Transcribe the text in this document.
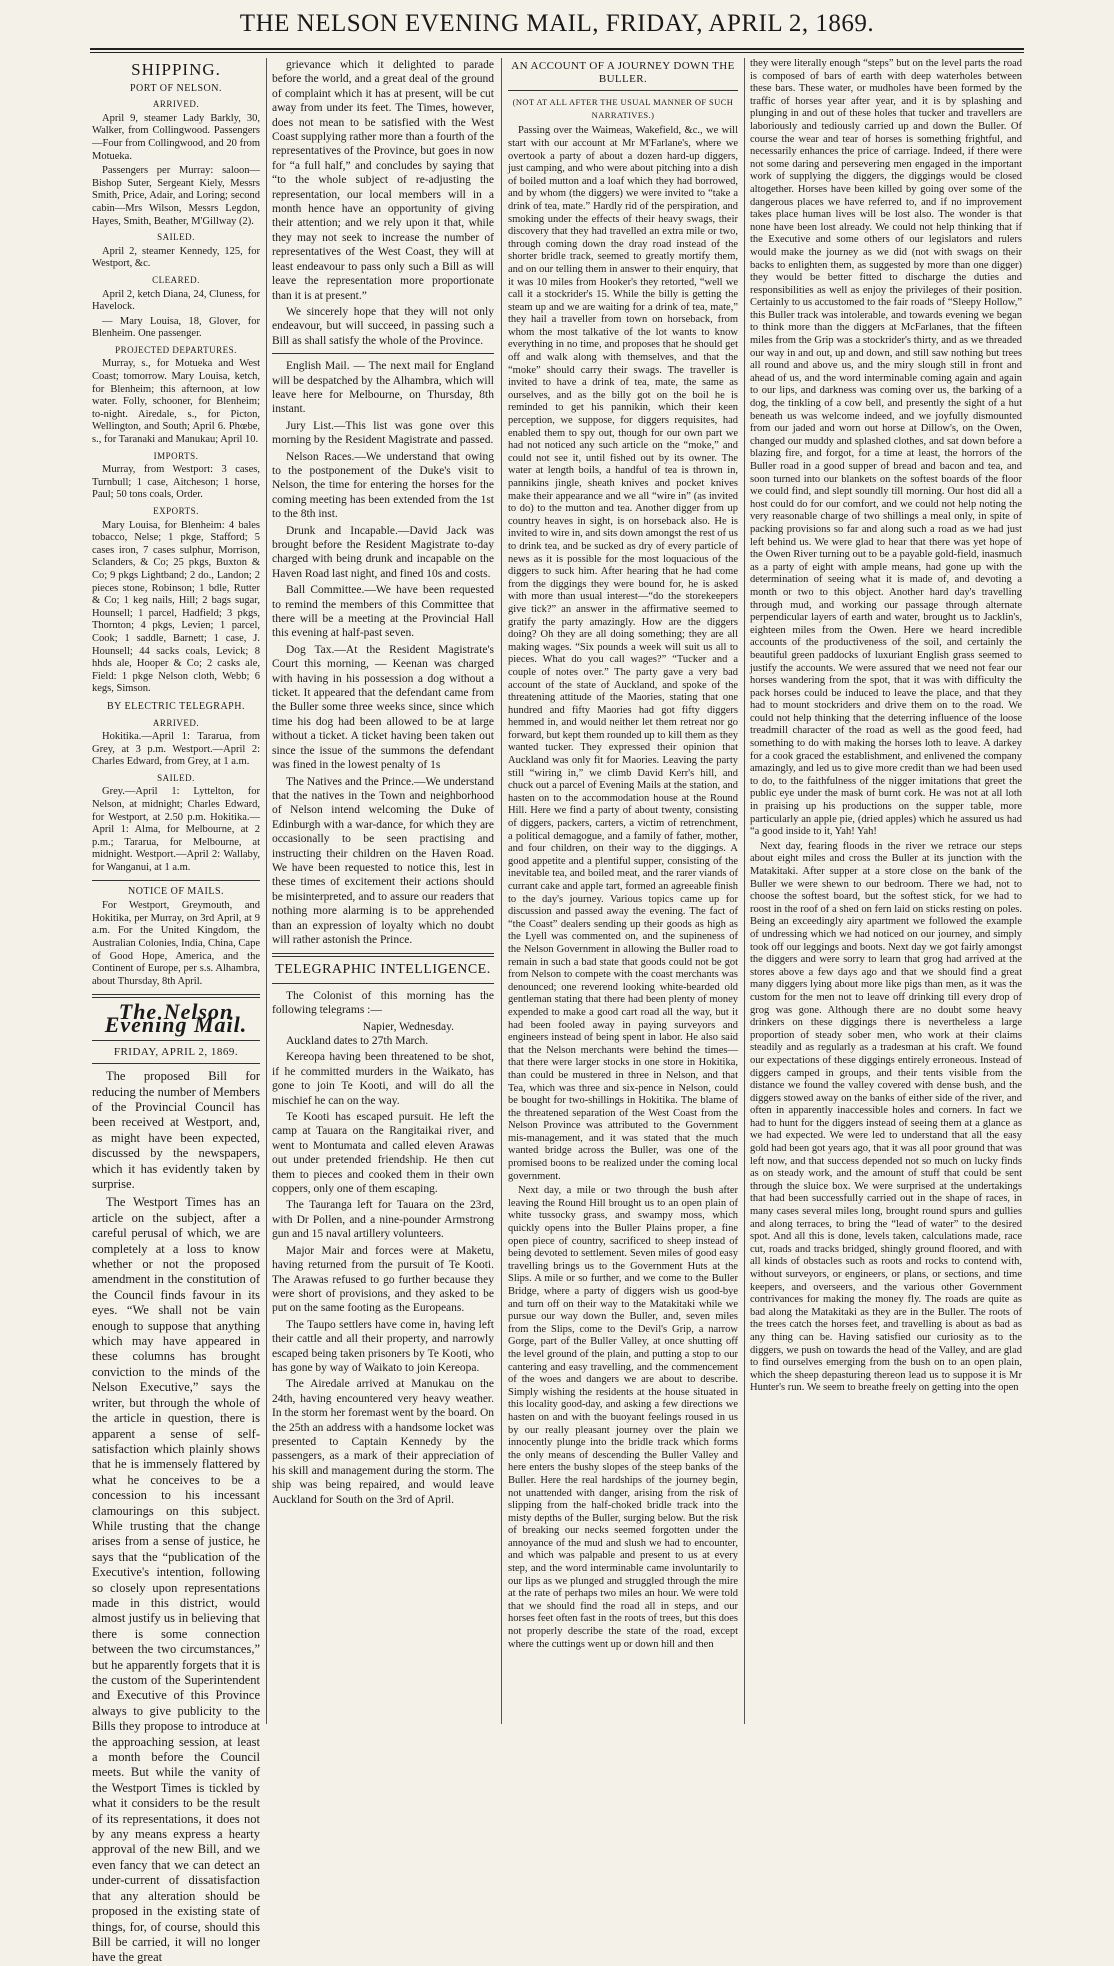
THE NELSON EVENING MAIL, FRIDAY, APRIL 2, 1869.
SHIPPING.
PORT OF NELSON.
ARRIVED.

April 9, steamer Lady Barkly, 30, Walker, from Collingwood. Passengers—Four from Collingwood, and 20 from Motueka.

Passengers per Murray: saloon—Bishop Suter, Sergeant Kiely, Messrs Smith, Price, Adair, and Loring; second cabin—Mrs Wilson, Messrs Legdon, Hayes, Smith, Beather, M'Gillway (2).

SAILED.

April 2, steamer Kennedy, 125, for Westport, &c.

CLEARED.

April 2, ketch Diana, 24, Cluness, for Havelock.

— Mary Louisa, 18, Glover, for Blenheim. One passenger.

PROJECTED DEPARTURES.

Murray, s., for Motueka and West Coast; tomorrow. Mary Louisa, ketch, for Blenheim; this afternoon, at low water. Folly, schooner, for Blenheim; to-night. Airedale, s., for Picton, Wellington, and South; April 6. Phœbe, s., for Taranaki and Manukau; April 10.

IMPORTS.

Murray, from Westport: 3 cases, Turnbull; 1 case, Aitcheson; 1 horse, Paul; 50 tons coals, Order.

EXPORTS.

Mary Louisa, for Blenheim: 4 bales tobacco, Nelse; 1 pkge, Stafford; 5 cases iron, 7 cases sulphur, Morrison, Sclanders, & Co; 25 pkgs, Buxton & Co; 9 pkgs Lightband; 2 do., Landon; 2 pieces stone, Robinson; 1 bdle, Rutter & Co; 1 keg nails, Hill; 2 bags sugar, Hounsell; 1 parcel, Hadfield; 3 pkgs, Thornton; 4 pkgs, Levien; 1 parcel, Cook; 1 saddle, Barnett; 1 case, J. Hounsell; 44 sacks coals, Levick; 8 hhds ale, Hooper & Co; 2 casks ale, Field: 1 pkge Nelson cloth, Webb; 6 kegs, Simson.

BY ELECTRIC TELEGRAPH.
ARRIVED.

Hokitika.—April 1: Tararua, from Grey, at 3 p.m. Westport.—April 2: Charles Edward, from Grey, at 1 a.m.

SAILED.

Grey.—April 1: Lyttelton, for Nelson, at midnight; Charles Edward, for Westport, at 2.50 p.m. Hokitika.—April 1: Alma, for Melbourne, at 2 p.m.; Tararua, for Melbourne, at midnight. Westport.—April 2: Wallaby, for Wanganui, at 1 a.m.

NOTICE OF MAILS.

For Westport, Greymouth, and Hokitika, per Murray, on 3rd April, at 9 a.m. For the United Kingdom, the Australian Colonies, India, China, Cape of Good Hope, America, and the Continent of Europe, per s.s. Alhambra, about Thursday, 8th April.

The Nelson Evening Mail.
FRIDAY, APRIL 2, 1869.

The proposed Bill for reducing the number of Members of the Provincial Council has been received at Westport, and, as might have been expected, discussed by the newspapers, which it has evidently taken by surprise.

The Westport Times has an article on the subject, after a careful perusal of which, we are completely at a loss to know whether or not the proposed amendment in the constitution of the Council finds favour in its eyes. “We shall not be vain enough to suppose that anything which may have appeared in these columns has brought conviction to the minds of the Nelson Executive,” says the writer, but through the whole of the article in question, there is apparent a sense of self-satisfaction which plainly shows that he is immensely flattered by what he conceives to be a concession to his incessant clamourings on this subject. While trusting that the change arises from a sense of justice, he says that the “publication of the Executive's intention, following so closely upon representations made in this district, would almost justify us in believing that there is some connection between the two circumstances,” but he apparently forgets that it is the custom of the Superintendent and Executive of this Province always to give publicity to the Bills they propose to introduce at the approaching session, at least a month before the Council meets. But while the vanity of the Westport Times is tickled by what it considers to be the result of its representations, it does not by any means express a hearty approval of the new Bill, and we even fancy that we can detect an under-current of dissatisfaction that any alteration should be proposed in the existing state of things, for, of course, should this Bill be carried, it will no longer have the great

grievance which it delighted to parade before the world, and a great deal of the ground of complaint which it has at present, will be cut away from under its feet. The Times, however, does not mean to be satisfied with the West Coast supplying rather more than a fourth of the representatives of the Province, but goes in now for “a full half,” and concludes by saying that “to the whole subject of re-adjusting the representation, our local members will in a month hence have an opportunity of giving their attention; and we rely upon it that, while they may not seek to increase the number of representatives of the West Coast, they will at least endeavour to pass only such a Bill as will leave the representation more proportionate than it is at present.”

We sincerely hope that they will not only endeavour, but will succeed, in passing such a Bill as shall satisfy the whole of the Province.

English Mail. — The next mail for England will be despatched by the Alhambra, which will leave here for Melbourne, on Thursday, 8th instant.

Jury List.—This list was gone over this morning by the Resident Magistrate and passed.

Nelson Races.—We understand that owing to the postponement of the Duke's visit to Nelson, the time for entering the horses for the coming meeting has been extended from the 1st to the 8th inst.

Drunk and Incapable.—David Jack was brought before the Resident Magistrate to-day charged with being drunk and incapable on the Haven Road last night, and fined 10s and costs.

Ball Committee.—We have been requested to remind the members of this Committee that there will be a meeting at the Provincial Hall this evening at half-past seven.

Dog Tax.—At the Resident Magistrate's Court this morning, — Keenan was charged with having in his possession a dog without a ticket. It appeared that the defendant came from the Buller some three weeks since, since which time his dog had been allowed to be at large without a ticket. A ticket having been taken out since the issue of the summons the defendant was fined in the lowest penalty of 1s

The Natives and the Prince.—We understand that the natives in the Town and neighborhood of Nelson intend welcoming the Duke of Edinburgh with a war-dance, for which they are occasionally to be seen practising and instructing their children on the Haven Road. We have been requested to notice this, lest in these times of excitement their actions should be misinterpreted, and to assure our readers that nothing more alarming is to be apprehended than an expression of loyalty which no doubt will rather astonish the Prince.

TELEGRAPHIC INTELLIGENCE.

The Colonist of this morning has the following telegrams :—

Napier, Wednesday.

Auckland dates to 27th March.

Kereopa having been threatened to be shot, if he committed murders in the Waikato, has gone to join Te Kooti, and will do all the mischief he can on the way.

Te Kooti has escaped pursuit. He left the camp at Tauara on the Rangitaikai river, and went to Montumata and called eleven Arawas out under pretended friendship. He then cut them to pieces and cooked them in their own coppers, only one of them escaping.

The Tauranga left for Tauara on the 23rd, with Dr Pollen, and a nine-pounder Armstrong gun and 15 naval artillery volunteers.

Major Mair and forces were at Maketu, having returned from the pursuit of Te Kooti. The Arawas refused to go further because they were short of provisions, and they asked to be put on the same footing as the Europeans.

The Taupo settlers have come in, having left their cattle and all their property, and narrowly escaped being taken prisoners by Te Kooti, who has gone by way of Waikato to join Kereopa.

The Airedale arrived at Manukau on the 24th, having encountered very heavy weather. In the storm her foremast went by the board. On the 25th an address with a handsome locket was presented to Captain Kennedy by the passengers, as a mark of their appreciation of his skill and management during the storm. The ship was being repaired, and would leave Auckland for South on the 3rd of April.

AN ACCOUNT OF A JOURNEY DOWN THE BULLER.
(NOT AT ALL AFTER THE USUAL MANNER OF SUCH NARRATIVES.)

Passing over the Waimeas, Wakefield, &c., we will start with our account at Mr M'Farlane's, where we overtook a party of about a dozen hard-up diggers, just camping, and who were about pitching into a dish of boiled mutton and a loaf which they had borrowed, and by whom (the diggers) we were invited to “take a drink of tea, mate.” Hardly rid of the perspiration, and smoking under the effects of their heavy swags, their discovery that they had travelled an extra mile or two, through coming down the dray road instead of the shorter bridle track, seemed to greatly mortify them, and on our telling them in answer to their enquiry, that it was 10 miles from Hooker's they retorted, “well we call it a stockrider's 15. While the billy is getting the steam up and we are waiting for a drink of tea, mate,” they hail a traveller from town on horseback, from whom the most talkative of the lot wants to know everything in no time, and proposes that he should get off and walk along with themselves, and that the “moke” should carry their swags. The traveller is invited to have a drink of tea, mate, the same as ourselves, and as the billy got on the boil he is reminded to get his pannikin, which their keen perception, we suppose, for diggers requisites, had enabled them to spy out, though for our own part we had not noticed any such article on the “moke,” and could not see it, until fished out by its owner. The water at length boils, a handful of tea is thrown in, pannikins jingle, sheath knives and pocket knives make their appearance and we all “wire in” (as invited to do) to the mutton and tea. Another digger from up country heaves in sight, is on horseback also. He is invited to wire in, and sits down amongst the rest of us to drink tea, and be sucked as dry of every particle of news as it is possible for the most loquacious of the diggers to suck him. After hearing that he had come from the diggings they were bound for, he is asked with more than usual interest—“do the storekeepers give tick?” an answer in the affirmative seemed to gratify the party amazingly. How are the diggers doing? Oh they are all doing something; they are all making wages. “Six pounds a week will suit us all to pieces. What do you call wages?” “Tucker and a couple of notes over.” The party gave a very bad account of the state of Auckland, and spoke of the threatening attitude of the Maories, stating that one hundred and fifty Maories had got fifty diggers hemmed in, and would neither let them retreat nor go forward, but kept them rounded up to kill them as they wanted tucker. They expressed their opinion that Auckland was only fit for Maories. Leaving the party still “wiring in,” we climb David Kerr's hill, and chuck out a parcel of Evening Mails at the station, and hasten on to the accommodation house at the Round Hill. Here we find a party of about twenty, consisting of diggers, packers, carters, a victim of retrenchment, a political demagogue, and a family of father, mother, and four children, on their way to the diggings. A good appetite and a plentiful supper, consisting of the inevitable tea, and boiled meat, and the rarer viands of currant cake and apple tart, formed an agreeable finish to the day's journey. Various topics came up for discussion and passed away the evening. The fact of “the Coast” dealers sending up their goods as high as the Lyell was commented on, and the supineness of the Nelson Government in allowing the Buller road to remain in such a bad state that goods could not be got from Nelson to compete with the coast merchants was denounced; one reverend looking white-bearded old gentleman stating that there had been plenty of money expended to make a good cart road all the way, but it had been fooled away in paying surveyors and engineers instead of being spent in labor. He also said that the Nelson merchants were behind the times—that there were larger stocks in one store in Hokitika, than could be mustered in three in Nelson, and that Tea, which was three and six-pence in Nelson, could be bought for two-shillings in Hokitika. The blame of the threatened separation of the West Coast from the Nelson Province was attributed to the Government mis-management, and it was stated that the much wanted bridge across the Buller, was one of the promised boons to be realized under the coming local government.

Next day, a mile or two through the bush after leaving the Round Hill brought us to an open plain of white tussocky grass, and swampy moss, which quickly opens into the Buller Plains proper, a fine open piece of country, sacrificed to sheep instead of being devoted to settlement. Seven miles of good easy travelling brings us to the Government Huts at the Slips. A mile or so further, and we come to the Buller Bridge, where a party of diggers wish us good-bye and turn off on their way to the Matakitaki while we pursue our way down the Buller, and, seven miles from the Slips, come to the Devil's Grip, a narrow Gorge, part of the Buller Valley, at once shutting off the level ground of the plain, and putting a stop to our cantering and easy travelling, and the commencement of the woes and dangers we are about to describe. Simply wishing the residents at the house situated in this locality good-day, and asking a few directions we hasten on and with the buoyant feelings roused in us by our really pleasant journey over the plain we innocently plunge into the bridle track which forms the only means of descending the Buller Valley and here enters the bushy slopes of the steep banks of the Buller. Here the real hardships of the journey begin, not unattended with danger, arising from the risk of slipping from the half-choked bridle track into the misty depths of the Buller, surging below. But the risk of breaking our necks seemed forgotten under the annoyance of the mud and slush we had to encounter, and which was palpable and present to us at every step, and the word interminable came involuntarily to our lips as we plunged and struggled through the mire at the rate of perhaps two miles an hour. We were told that we should find the road all in steps, and our horses feet often fast in the roots of trees, but this does not properly describe the state of the road, except where the cuttings went up or down hill and then

they were literally enough “steps” but on the level parts the road is composed of bars of earth with deep waterholes between these bars. These water, or mudholes have been formed by the traffic of horses year after year, and it is by splashing and plunging in and out of these holes that tucker and travellers are laboriously and tediously carried up and down the Buller. Of course the wear and tear of horses is something frightful, and necessarily enhances the price of carriage. Indeed, if there were not some daring and persevering men engaged in the important work of supplying the diggers, the diggings would be closed altogether. Horses have been killed by going over some of the dangerous places we have referred to, and if no improvement takes place human lives will be lost also. The wonder is that none have been lost already. We could not help thinking that if the Executive and some others of our legislators and rulers would make the journey as we did (not with swags on their backs to enlighten them, as suggested by more than one digger) they would be better fitted to discharge the duties and responsibilities as well as enjoy the privileges of their position. Certainly to us accustomed to the fair roads of “Sleepy Hollow,” this Buller track was intolerable, and towards evening we began to think more than the diggers at McFarlanes, that the fifteen miles from the Grip was a stockrider's thirty, and as we threaded our way in and out, up and down, and still saw nothing but trees all round and above us, and the miry slough still in front and ahead of us, and the word interminable coming again and again to our lips, and darkness was coming over us, the barking of a dog, the tinkling of a cow bell, and presently the sight of a hut beneath us was welcome indeed, and we joyfully dismounted from our jaded and worn out horse at Dillow's, on the Owen, changed our muddy and splashed clothes, and sat down before a blazing fire, and forgot, for a time at least, the horrors of the Buller road in a good supper of bread and bacon and tea, and soon turned into our blankets on the softest boards of the floor we could find, and slept soundly till morning. Our host did all a host could do for our comfort, and we could not help noting the very reasonable charge of two shillings a meal only, in spite of packing provisions so far and along such a road as we had just left behind us. We were glad to hear that there was yet hope of the Owen River turning out to be a payable gold-field, inasmuch as a party of eight with ample means, had gone up with the determination of seeing what it is made of, and devoting a month or two to this object. Another hard day's travelling through mud, and working our passage through alternate perpendicular layers of earth and water, brought us to Jacklin's, eighteen miles from the Owen. Here we heard incredible accounts of the productiveness of the soil, and certainly the beautiful green paddocks of luxuriant English grass seemed to justify the accounts. We were assured that we need not fear our horses wandering from the spot, that it was with difficulty the pack horses could be induced to leave the place, and that they had to mount stockriders and drive them on to the road. We could not help thinking that the deterring influence of the loose treadmill character of the road as well as the good feed, had something to do with making the horses loth to leave. A darkey for a cook graced the establishment, and enlivened the company amazingly, and led us to give more credit than we had been used to do, to the faithfulness of the nigger imitations that greet the public eye under the mask of burnt cork. He was not at all loth in praising up his productions on the supper table, more particularly an apple pie, (dried apples) which he assured us had “a good inside to it, Yah! Yah!

Next day, fearing floods in the river we retrace our steps about eight miles and cross the Buller at its junction with the Matakitaki. After supper at a store close on the bank of the Buller we were shewn to our bedroom. There we had, not to choose the softest board, but the softest stick, for we had to roost in the roof of a shed on fern laid on sticks resting on poles. Being an exceedingly airy apartment we followed the example of undressing which we had noticed on our journey, and simply took off our leggings and boots. Next day we got fairly amongst the diggers and were sorry to learn that grog had arrived at the stores above a few days ago and that we should find a great many diggers lying about more like pigs than men, as it was the custom for the men not to leave off drinking till every drop of grog was gone. Although there are no doubt some heavy drinkers on these diggings there is nevertheless a large proportion of steady sober men, who work at their claims steadily and as regularly as a tradesman at his craft. We found our expectations of these diggings entirely erroneous. Instead of diggers camped in groups, and their tents visible from the distance we found the valley covered with dense bush, and the diggers stowed away on the banks of either side of the river, and often in apparently inaccessible holes and corners. In fact we had to hunt for the diggers instead of seeing them at a glance as we had expected. We were led to understand that all the easy gold had been got years ago, that it was all poor ground that was left now, and that success depended not so much on lucky finds as on steady work, and the amount of stuff that could be sent through the sluice box. We were surprised at the undertakings that had been successfully carried out in the shape of races, in many cases several miles long, brought round spurs and gullies and along terraces, to bring the “lead of water” to the desired spot. And all this is done, levels taken, calculations made, race cut, roads and tracks bridged, shingly ground floored, and with all kinds of obstacles such as roots and rocks to contend with, without surveyors, or engineers, or plans, or sections, and time keepers, and overseers, and the various other Government contrivances for making the money fly. The roads are quite as bad along the Matakitaki as they are in the Buller. The roots of the trees catch the horses feet, and travelling is about as bad as any thing can be. Having satisfied our curiosity as to the diggers, we push on towards the head of the Valley, and are glad to find ourselves emerging from the bush on to an open plain, which the sheep depasturing thereon lead us to suppose it is Mr Hunter's run. We seem to breathe freely on getting into the open
